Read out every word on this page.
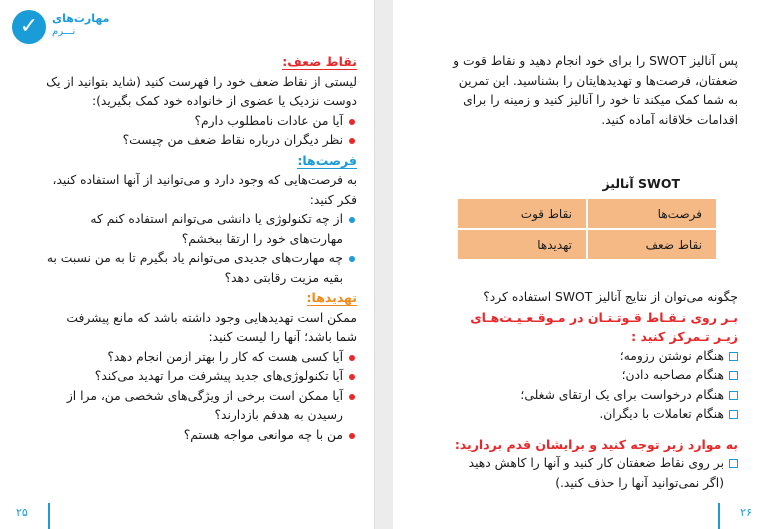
✓	مهارت‌های
نـــرم
نقاط ضعف:

لیستی از نقاط ضعف خود را فهرست کنید (شاید بتوانید از یک دوست نزدیک یا عضوی از خانواده خود کمک بگیرید):

آیا من عادات نامطلوب دارم؟
نظر دیگران درباره نقاط ضعف من چیست؟
فرصت‌ها:

به فرصت‌هایی که وجود دارد و می‌توانید از آنها استفاده کنید، فکر کنید:

از چه تکنولوژی یا دانشی می‌توانم استفاده کنم که مهارت‌های خود را ارتقا ببخشم؟
چه مهارت‌های جدیدی می‌توانم یاد بگیرم تا به من نسبت به بقیه مزیت رقابتی دهد؟
تهدیدها:

ممکن است تهدیدهایی وجود داشته باشد که مانع پیشرفت شما باشد؛ آنها را لیست کنید:

آیا کسی هست که کار را بهتر ازمن انجام دهد؟
آیا تکنولوژی‌های جدید پیشرفت مرا تهدید می‌کند؟
آیا ممکن است برخی از ویژگی‌های شخصی من، مرا از رسیدن به هدفم بازدارند؟
من با چه موانعی مواجه هستم؟
۲۵

پس آنالیز SWOT را برای خود انجام دهید و نقاط قوت و ضعفتان، فرصت‌ها و تهدیدهایتان را بشناسید. این تمرین به شما کمک میکند تا خود را آنالیز کنید و زمینه را برای اقدامات خلاقانه آماده کنید.

آنالیز SWOT
فرصت‌ها	نقاط قوت
نقاط ضعف	تهدیدها

چگونه می‌توان از نتایج آنالیز SWOT استفاده کرد؟

بـر روی نـقـاط قـوتـتـان در مـوقـعـیـت‌هـای زیـر تـمرکز کنید :

هنگام نوشتن رزومه؛
هنگام مصاحبه دادن؛
هنگام درخواست برای یک ارتقای شغلی؛
هنگام تعاملات با دیگران.

به موارد زیر توجه کنید و برایشان قدم بردارید:

بر روی نقاط ضعفتان کار کنید و آنها را کاهش دهید (اگر نمی‌توانید آنها را حذف کنید.)
۲۶
